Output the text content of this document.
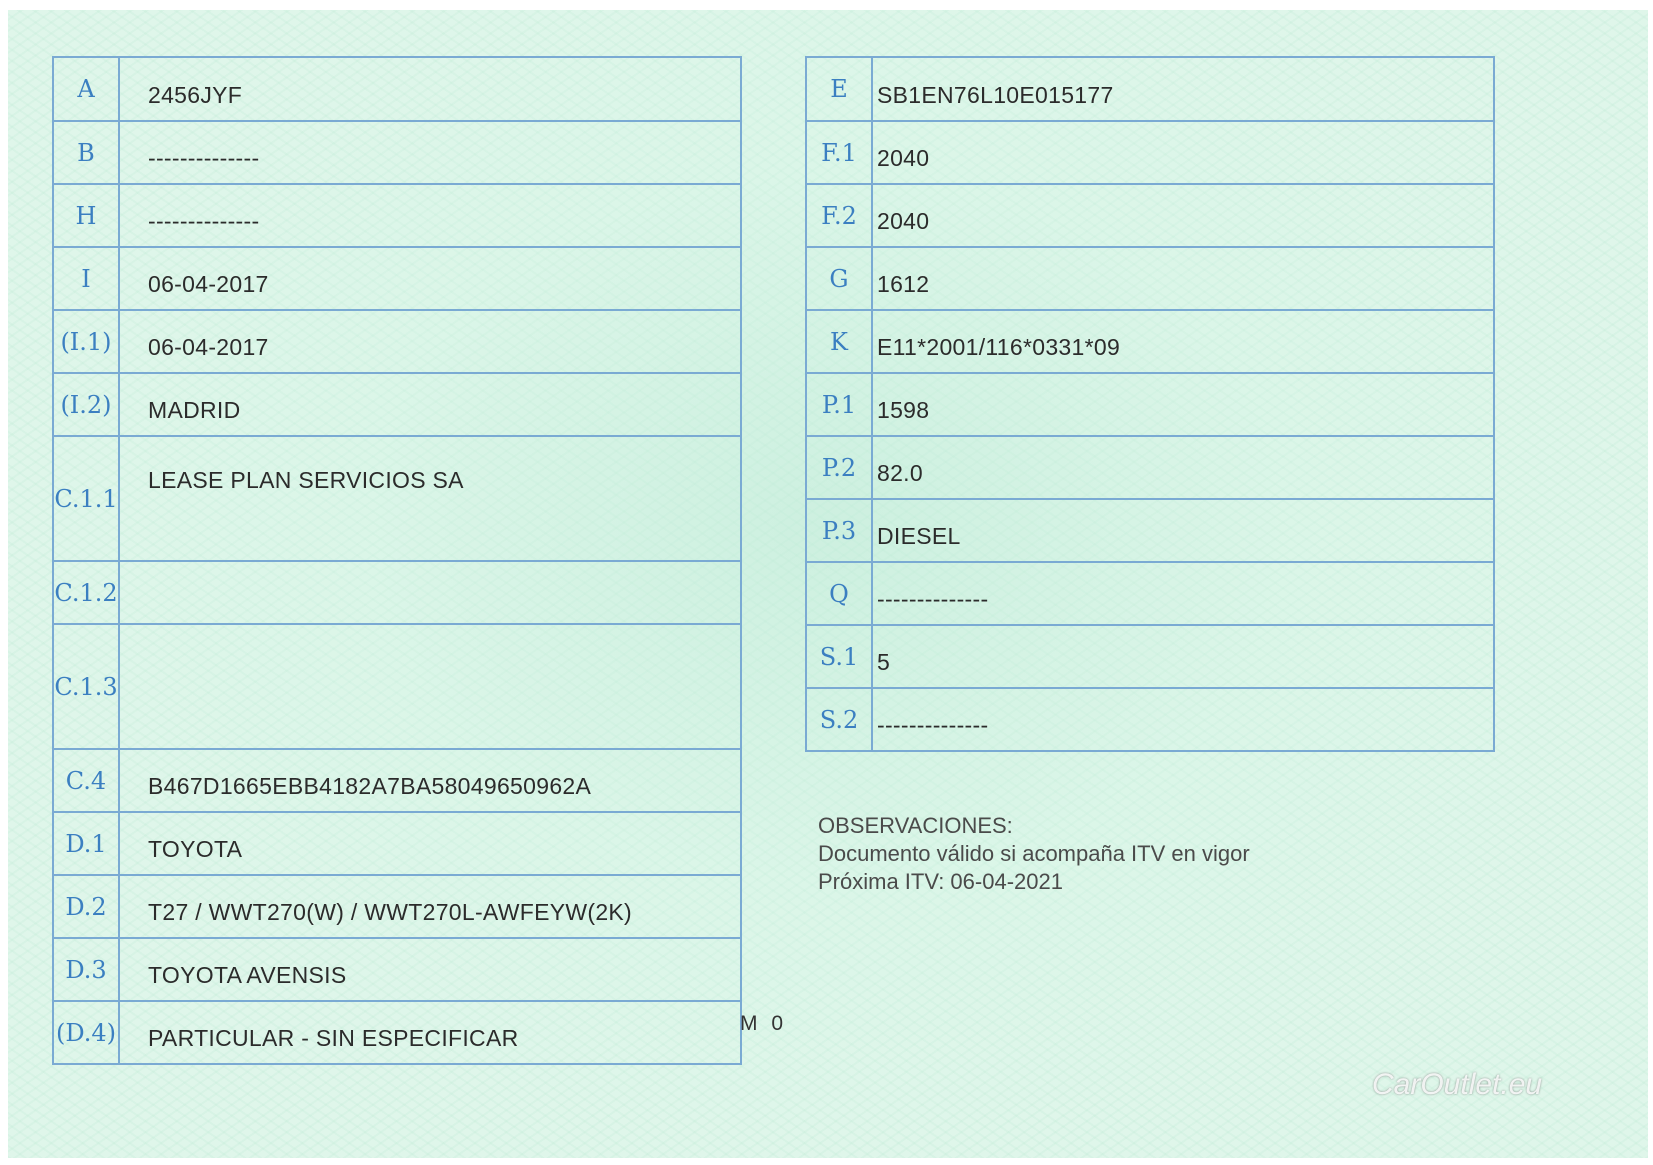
A	2456JYF
B	--------------
H	--------------
I	06-04-2017
(I.1)	06-04-2017
(I.2)	MADRID
C.1.1	LEASE PLAN SERVICIOS SA
C.1.2	
C.1.3	
C.4	B467D1665EBB4182A7BA58049650962A
D.1	TOYOTA
D.2	T27 / WWT270(W) / WWT270L-AWFEYW(2K)
D.3	TOYOTA AVENSIS
(D.4)	PARTICULAR - SIN ESPECIFICAR
E	SB1EN76L10E015177
F.1	2040
F.2	2040
G	1612
K	E11*2001/116*0331*09
P.1	1598
P.2	82.0
P.3	DIESEL
Q	--------------
S.1	5
S.2	--------------
OBSERVACIONES:
Documento válido si acompaña ITV en vigor
Próxima ITV: 06-04-2021
M 0
CarOutlet.eu
